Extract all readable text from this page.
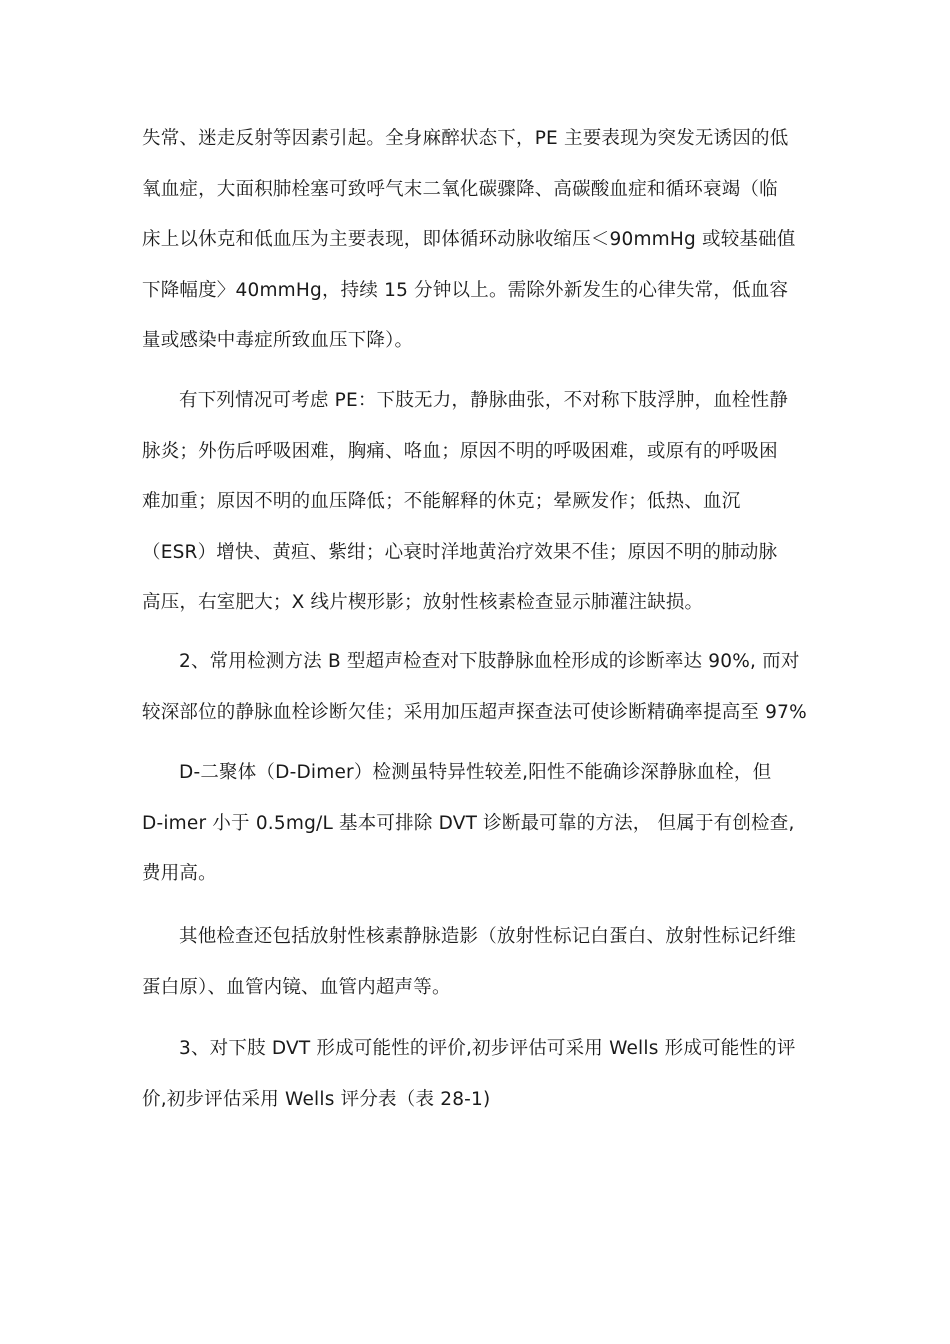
失常、迷走反射等因素引起。全身麻醉状态下，PE 主要表现为突发无诱因的低
氧血症，大面积肺栓塞可致呼气末二氧化碳骤降、高碳酸血症和循环衰竭（临
床上以休克和低血压为主要表现，即体循环动脉收缩压＜90mmHg 或较基础值
下降幅度〉40mmHg，持续 15 分钟以上。需除外新发生的心律失常，低血容
量或感染中毒症所致血压下降）。
有下列情况可考虑 PE：下肢无力，静脉曲张，不对称下肢浮肿，血栓性静
脉炎；外伤后呼吸困难，胸痛、咯血；原因不明的呼吸困难，或原有的呼吸困
难加重；原因不明的血压降低；不能解释的休克；晕厥发作；低热、血沉
（ESR）增快、黄疸、紫绀；心衰时洋地黄治疗效果不佳；原因不明的肺动脉
高压，右室肥大；X 线片楔形影；放射性核素检查显示肺灌注缺损。
2、常用检测方法 B 型超声检查对下肢静脉血栓形成的诊断率达 90%, 而对
较深部位的静脉血栓诊断欠佳；采用加压超声探查法可使诊断精确率提高至 97%
D-二聚体（D-Dimer）检测虽特异性较差,阳性不能确诊深静脉血栓，但
D-imer 小于 0.5mg/L 基本可排除 DVT 诊断最可靠的方法， 但属于有创检查,
费用高。
其他检查还包括放射性核素静脉造影（放射性标记白蛋白、放射性标记纤维
蛋白原）、血管内镜、血管内超声等。
3、对下肢 DVT 形成可能性的评价,初步评估可采用 Wells 形成可能性的评
价,初步评估采用 Wells 评分表（表 28-1)
